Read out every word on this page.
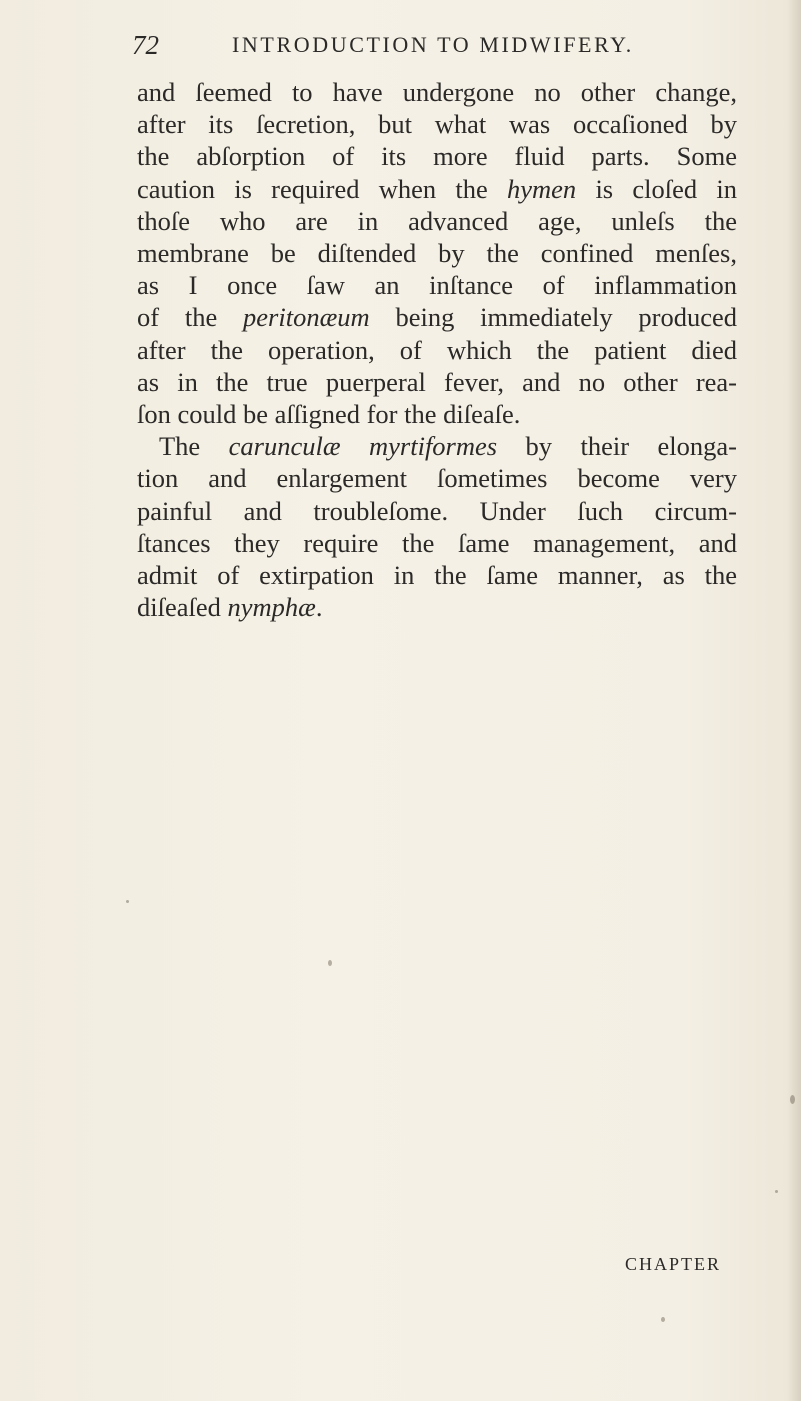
72	INTRODUCTION TO MIDWIFERY.
and ſeemed to have undergone no other change,
after its ſecretion, but what was occaſioned by
the abſorption of its more fluid parts. Some
caution is required when the hymen is cloſed in
thoſe who are in advanced age, unleſs the
membrane be diſtended by the confined menſes,
as I once ſaw an inſtance of inflammation
of the peritonæum being immediately produced
after the operation, of which the patient died
as in the true puerperal fever, and no other rea-
ſon could be aſſigned for the diſeaſe.
The carunculæ myrtiformes by their elonga-
tion and enlargement ſometimes become very
painful and troubleſome. Under ſuch circum-
ſtances they require the ſame management, and
admit of extirpation in the ſame manner, as the
diſeaſed nymphæ.
CHAPTER
